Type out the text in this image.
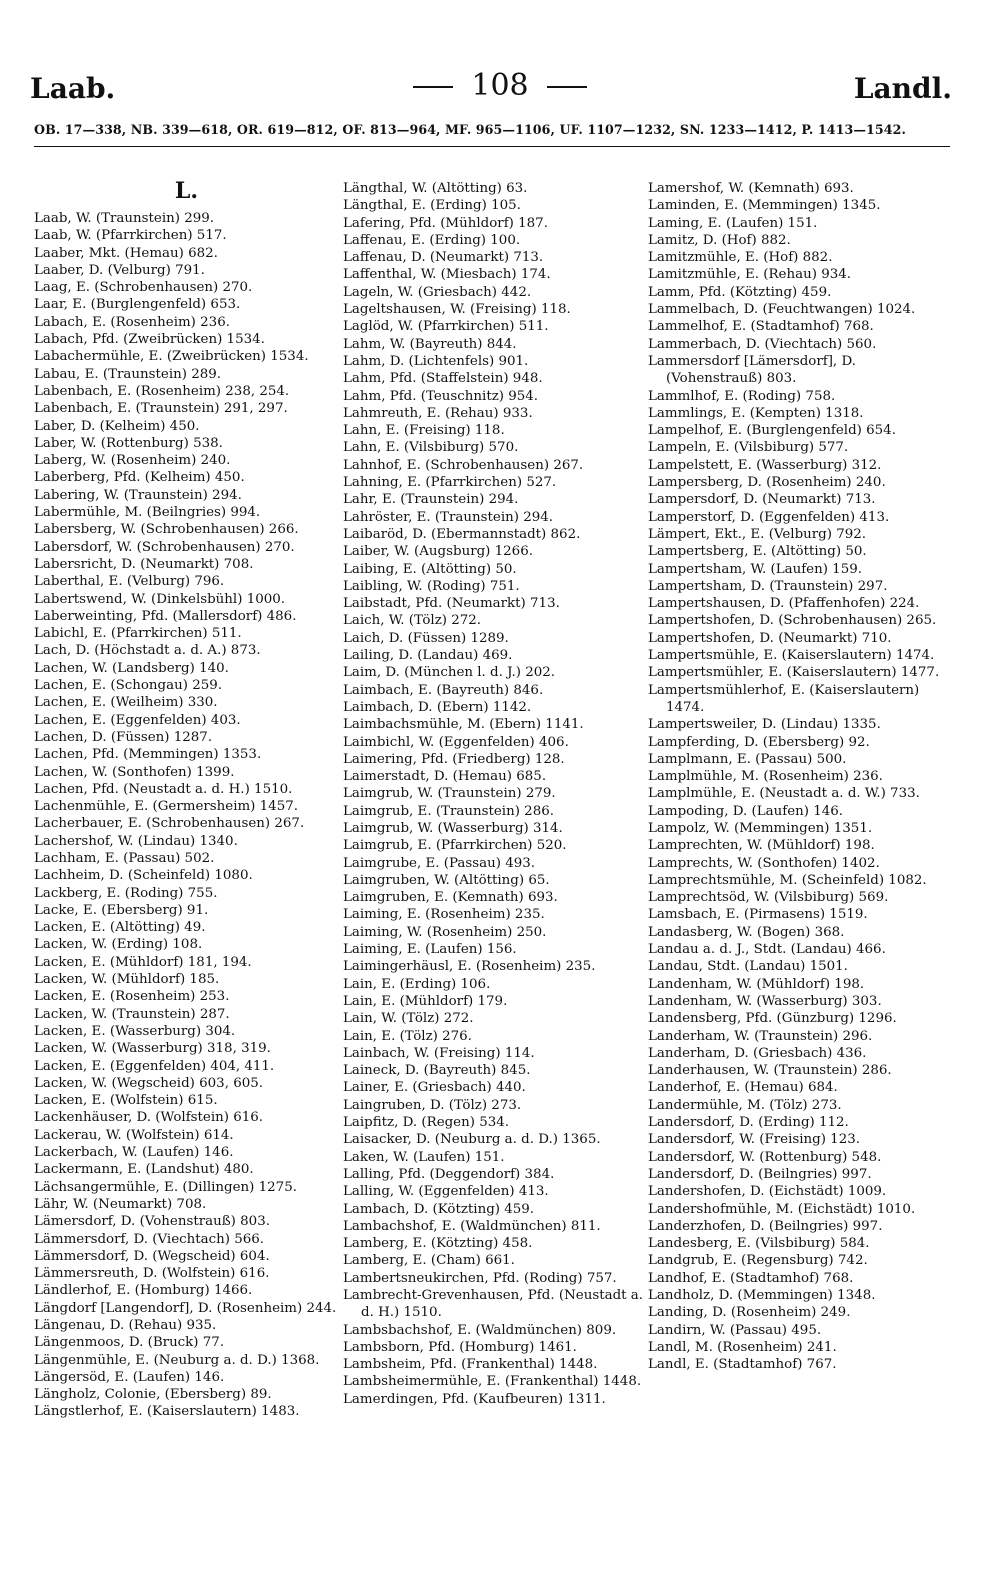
Laab.	108	Landl.
OB. 17—338, NB. 339—618, OR. 619—812, OF. 813—964, MF. 965—1106, UF. 1107—1232, SN. 1233—1412, P. 1413—1542.
L.
Laab, W. (Traunstein) 299.
Laab, W. (Pfarrkirchen) 517.
Laaber, Mkt. (Hemau) 682.
Laaber, D. (Velburg) 791.
Laag, E. (Schrobenhausen) 270.
Laar, E. (Burglengenfeld) 653.
Labach, E. (Rosenheim) 236.
Labach, Pfd. (Zweibrücken) 1534.
Labachermühle, E. (Zweibrücken) 1534.
Labau, E. (Traunstein) 289.
Labenbach, E. (Rosenheim) 238, 254.
Labenbach, E. (Traunstein) 291, 297.
Laber, D. (Kelheim) 450.
Laber, W. (Rottenburg) 538.
Laberg, W. (Rosenheim) 240.
Laberberg, Pfd. (Kelheim) 450.
Labering, W. (Traunstein) 294.
Labermühle, M. (Beilngries) 994.
Labersberg, W. (Schrobenhausen) 266.
Labersdorf, W. (Schrobenhausen) 270.
Labersricht, D. (Neumarkt) 708.
Laberthal, E. (Velburg) 796.
Labertswend, W. (Dinkelsbühl) 1000.
Laberweinting, Pfd. (Mallersdorf) 486.
Labichl, E. (Pfarrkirchen) 511.
Lach, D. (Höchstadt a. d. A.) 873.
Lachen, W. (Landsberg) 140.
Lachen, E. (Schongau) 259.
Lachen, E. (Weilheim) 330.
Lachen, E. (Eggenfelden) 403.
Lachen, D. (Füssen) 1287.
Lachen, Pfd. (Memmingen) 1353.
Lachen, W. (Sonthofen) 1399.
Lachen, Pfd. (Neustadt a. d. H.) 1510.
Lachenmühle, E. (Germersheim) 1457.
Lacherbauer, E. (Schrobenhausen) 267.
Lachershof, W. (Lindau) 1340.
Lachham, E. (Passau) 502.
Lachheim, D. (Scheinfeld) 1080.
Lackberg, E. (Roding) 755.
Lacke, E. (Ebersberg) 91.
Lacken, E. (Altötting) 49.
Lacken, W. (Erding) 108.
Lacken, E. (Mühldorf) 181, 194.
Lacken, W. (Mühldorf) 185.
Lacken, E. (Rosenheim) 253.
Lacken, W. (Traunstein) 287.
Lacken, E. (Wasserburg) 304.
Lacken, W. (Wasserburg) 318, 319.
Lacken, E. (Eggenfelden) 404, 411.
Lacken, W. (Wegscheid) 603, 605.
Lacken, E. (Wolfstein) 615.
Lackenhäuser, D. (Wolfstein) 616.
Lackerau, W. (Wolfstein) 614.
Lackerbach, W. (Laufen) 146.
Lackermann, E. (Landshut) 480.
Lächsangermühle, E. (Dillingen) 1275.
Lähr, W. (Neumarkt) 708.
Lämersdorf, D. (Vohenstrauß) 803.
Lämmersdorf, D. (Viechtach) 566.
Lämmersdorf, D. (Wegscheid) 604.
Lämmersreuth, D. (Wolfstein) 616.
Ländlerhof, E. (Homburg) 1466.
Längdorf [Langendorf], D. (Rosenheim) 244.
Längenau, D. (Rehau) 935.
Längenmoos, D. (Bruck) 77.
Längenmühle, E. (Neuburg a. d. D.) 1368.
Längersöd, E. (Laufen) 146.
Längholz, Colonie, (Ebersberg) 89.
Längstlerhof, E. (Kaiserslautern) 1483.
Längthal, W. (Altötting) 63.
Längthal, E. (Erding) 105.
Lafering, Pfd. (Mühldorf) 187.
Laffenau, E. (Erding) 100.
Laffenau, D. (Neumarkt) 713.
Laffenthal, W. (Miesbach) 174.
Lageln, W. (Griesbach) 442.
Lageltshausen, W. (Freising) 118.
Laglöd, W. (Pfarrkirchen) 511.
Lahm, W. (Bayreuth) 844.
Lahm, D. (Lichtenfels) 901.
Lahm, Pfd. (Staffelstein) 948.
Lahm, Pfd. (Teuschnitz) 954.
Lahmreuth, E. (Rehau) 933.
Lahn, E. (Freising) 118.
Lahn, E. (Vilsbiburg) 570.
Lahnhof, E. (Schrobenhausen) 267.
Lahning, E. (Pfarrkirchen) 527.
Lahr, E. (Traunstein) 294.
Lahröster, E. (Traunstein) 294.
Laibaröd, D. (Ebermannstadt) 862.
Laiber, W. (Augsburg) 1266.
Laibing, E. (Altötting) 50.
Laibling, W. (Roding) 751.
Laibstadt, Pfd. (Neumarkt) 713.
Laich, W. (Tölz) 272.
Laich, D. (Füssen) 1289.
Lailing, D. (Landau) 469.
Laim, D. (München l. d. J.) 202.
Laimbach, E. (Bayreuth) 846.
Laimbach, D. (Ebern) 1142.
Laimbachsmühle, M. (Ebern) 1141.
Laimbichl, W. (Eggenfelden) 406.
Laimering, Pfd. (Friedberg) 128.
Laimerstadt, D. (Hemau) 685.
Laimgrub, W. (Traunstein) 279.
Laimgrub, E. (Traunstein) 286.
Laimgrub, W. (Wasserburg) 314.
Laimgrub, E. (Pfarrkirchen) 520.
Laimgrube, E. (Passau) 493.
Laimgruben, W. (Altötting) 65.
Laimgruben, E. (Kemnath) 693.
Laiming, E. (Rosenheim) 235.
Laiming, W. (Rosenheim) 250.
Laiming, E. (Laufen) 156.
Laimingerhäusl, E. (Rosenheim) 235.
Lain, E. (Erding) 106.
Lain, E. (Mühldorf) 179.
Lain, W. (Tölz) 272.
Lain, E. (Tölz) 276.
Lainbach, W. (Freising) 114.
Laineck, D. (Bayreuth) 845.
Lainer, E. (Griesbach) 440.
Laingruben, D. (Tölz) 273.
Laipfitz, D. (Regen) 534.
Laisacker, D. (Neuburg a. d. D.) 1365.
Laken, W. (Laufen) 151.
Lalling, Pfd. (Deggendorf) 384.
Lalling, W. (Eggenfelden) 413.
Lambach, D. (Kötzting) 459.
Lambachshof, E. (Waldmünchen) 811.
Lamberg, E. (Kötzting) 458.
Lamberg, E. (Cham) 661.
Lambertsneukirchen, Pfd. (Roding) 757.
Lambrecht-Grevenhausen, Pfd. (Neustadt a. d. H.) 1510.
Lambsbachshof, E. (Waldmünchen) 809.
Lambsborn, Pfd. (Homburg) 1461.
Lambsheim, Pfd. (Frankenthal) 1448.
Lambsheimermühle, E. (Frankenthal) 1448.
Lamerdingen, Pfd. (Kaufbeuren) 1311.
Lamershof, W. (Kemnath) 693.
Laminden, E. (Memmingen) 1345.
Laming, E. (Laufen) 151.
Lamitz, D. (Hof) 882.
Lamitzmühle, E. (Hof) 882.
Lamitzmühle, E. (Rehau) 934.
Lamm, Pfd. (Kötzting) 459.
Lammelbach, D. (Feuchtwangen) 1024.
Lammelhof, E. (Stadtamhof) 768.
Lammerbach, D. (Viechtach) 560.
Lammersdorf [Lämersdorf], D. (Vohenstrauß) 803.
Lammlhof, E. (Roding) 758.
Lammlings, E. (Kempten) 1318.
Lampelhof, E. (Burglengenfeld) 654.
Lampeln, E. (Vilsbiburg) 577.
Lampelstett, E. (Wasserburg) 312.
Lampersberg, D. (Rosenheim) 240.
Lampersdorf, D. (Neumarkt) 713.
Lamperstorf, D. (Eggenfelden) 413.
Lämpert, Ekt., E. (Velburg) 792.
Lampertsberg, E. (Altötting) 50.
Lampertsham, W. (Laufen) 159.
Lampertsham, D. (Traunstein) 297.
Lampertshausen, D. (Pfaffenhofen) 224.
Lampertshofen, D. (Schrobenhausen) 265.
Lampertshofen, D. (Neumarkt) 710.
Lampertsmühle, E. (Kaiserslautern) 1474.
Lampertsmühler, E. (Kaiserslautern) 1477.
Lampertsmühlerhof, E. (Kaiserslautern) 1474.
Lampertsweiler, D. (Lindau) 1335.
Lampferding, D. (Ebersberg) 92.
Lamplmann, E. (Passau) 500.
Lamplmühle, M. (Rosenheim) 236.
Lamplmühle, E. (Neustadt a. d. W.) 733.
Lampoding, D. (Laufen) 146.
Lampolz, W. (Memmingen) 1351.
Lamprechten, W. (Mühldorf) 198.
Lamprechts, W. (Sonthofen) 1402.
Lamprechtsmühle, M. (Scheinfeld) 1082.
Lamprechtsöd, W. (Vilsbiburg) 569.
Lamsbach, E. (Pirmasens) 1519.
Landasberg, W. (Bogen) 368.
Landau a. d. J., Stdt. (Landau) 466.
Landau, Stdt. (Landau) 1501.
Landenham, W. (Mühldorf) 198.
Landenham, W. (Wasserburg) 303.
Landensberg, Pfd. (Günzburg) 1296.
Landerham, W. (Traunstein) 296.
Landerham, D. (Griesbach) 436.
Landerhausen, W. (Traunstein) 286.
Landerhof, E. (Hemau) 684.
Landermühle, M. (Tölz) 273.
Landersdorf, D. (Erding) 112.
Landersdorf, W. (Freising) 123.
Landersdorf, W. (Rottenburg) 548.
Landersdorf, D. (Beilngries) 997.
Landershofen, D. (Eichstädt) 1009.
Landershofmühle, M. (Eichstädt) 1010.
Landerzhofen, D. (Beilngries) 997.
Landesberg, E. (Vilsbiburg) 584.
Landgrub, E. (Regensburg) 742.
Landhof, E. (Stadtamhof) 768.
Landholz, D. (Memmingen) 1348.
Landing, D. (Rosenheim) 249.
Landirn, W. (Passau) 495.
Landl, M. (Rosenheim) 241.
Landl, E. (Stadtamhof) 767.
